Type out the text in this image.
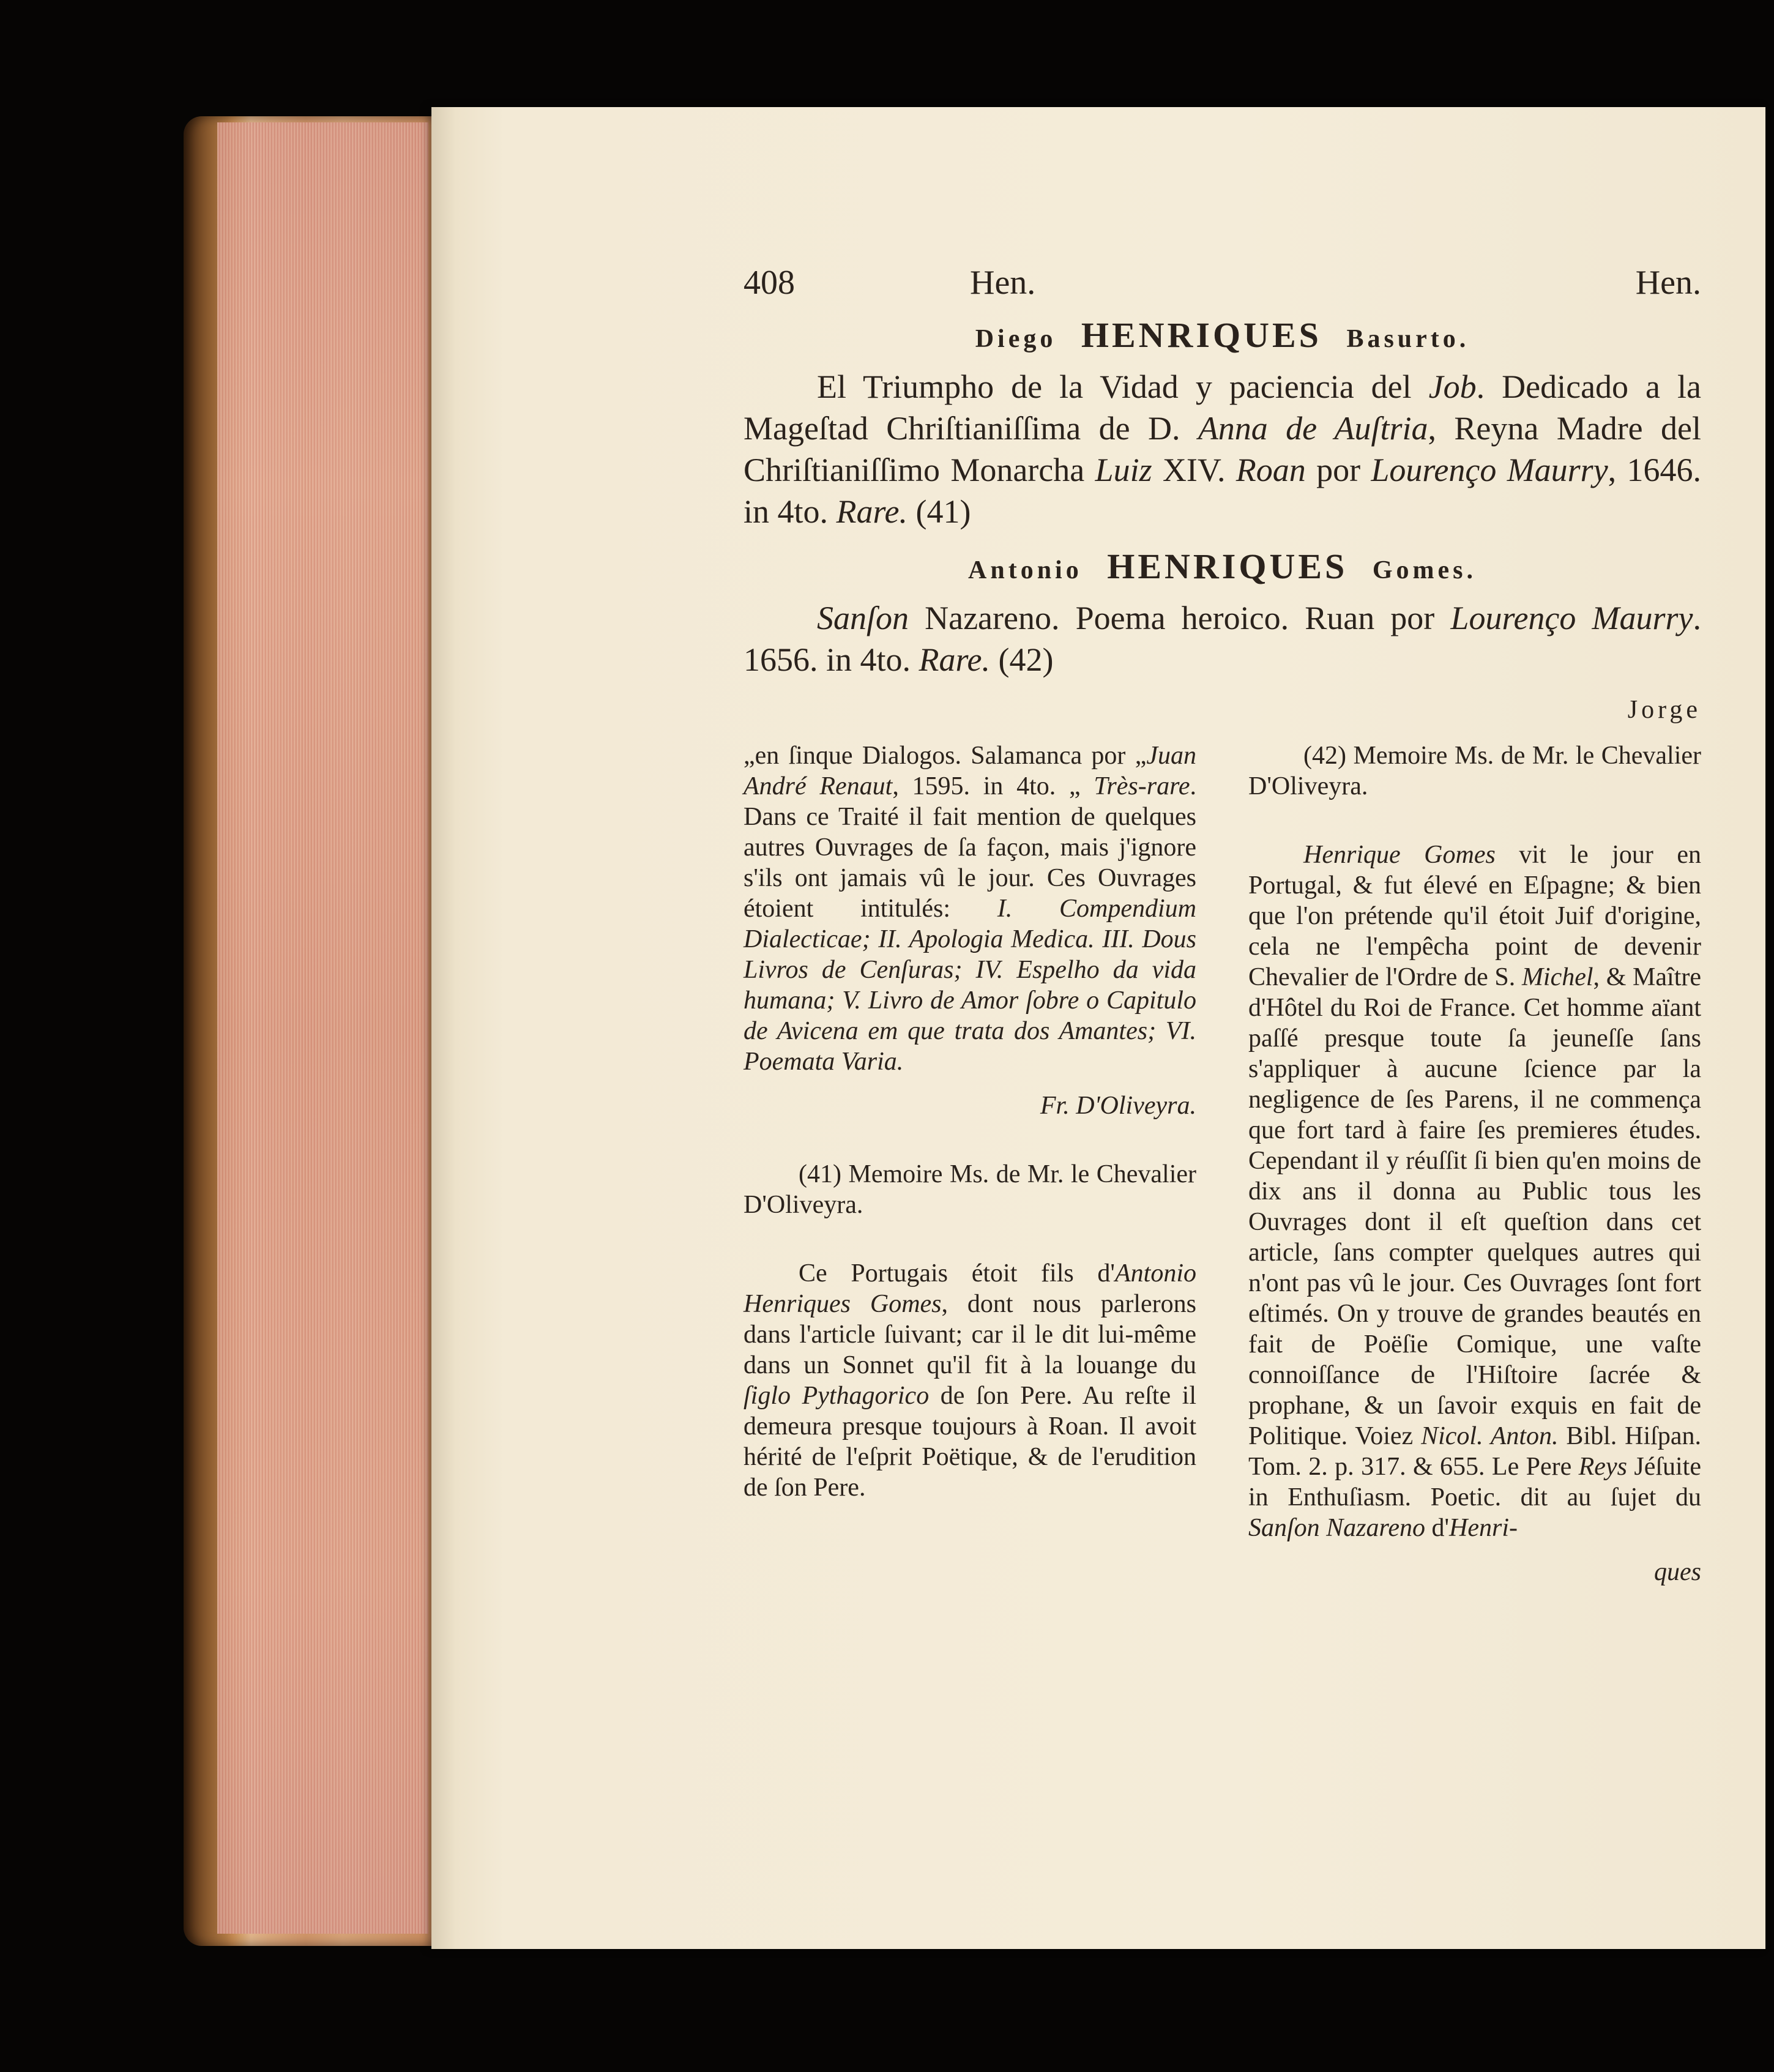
408	Hen.	Hen.
Diego HENRIQUES Basurto.

El Triumpho de la Vidad y paciencia del Job. Dedicado a la Mageſtad Chriſtianiſſima de D. Anna de Auſtria, Reyna Madre del Chriſtianiſſimo Monarcha Luiz XIV. Roan por Lourenço Maurry, 1646. in 4to. Rare. (41)

Antonio HENRIQUES Gomes.

Sanſon Nazareno. Poema heroico. Ruan por Lourenço Maurry. 1656. in 4to. Rare. (42)

Jorge

„en ſinque Dialogos. Salamanca por „Juan André Renaut, 1595. in 4to. „ Très-rare. Dans ce Traité il fait mention de quelques autres Ouvrages de ſa façon, mais j'ignore s'ils ont jamais vû le jour. Ces Ouvrages étoient intitulés: I. Compendium Dialecticae; II. Apologia Medica. III. Dous Livros de Cenſuras; IV. Espelho da vida humana; V. Livro de Amor ſobre o Capitulo de Avicena em que trata dos Amantes; VI. Poemata Varia.

Fr. D'Oliveyra.

(41) Memoire Ms. de Mr. le Chevalier D'Oliveyra.

Ce Portugais étoit fils d'Antonio Henriques Gomes, dont nous parlerons dans l'article ſuivant; car il le dit lui-même dans un Sonnet qu'il fit à la louange du ſiglo Pythagorico de ſon Pere. Au reſte il demeura presque toujours à Roan. Il avoit hérité de l'eſprit Poëtique, & de l'erudition de ſon Pere.

(42) Memoire Ms. de Mr. le Chevalier D'Oliveyra.

Henrique Gomes vit le jour en Portugal, & fut élevé en Eſpagne; & bien que l'on prétende qu'il étoit Juif d'origine, cela ne l'empêcha point de devenir Chevalier de l'Ordre de S. Michel, & Maître d'Hôtel du Roi de France. Cet homme aïant paſſé presque toute ſa jeuneſſe ſans s'appliquer à aucune ſcience par la negligence de ſes Parens, il ne commença que fort tard à faire ſes premieres études. Cependant il y réuſſit ſi bien qu'en moins de dix ans il donna au Public tous les Ouvrages dont il eſt queſtion dans cet article, ſans compter quelques autres qui n'ont pas vû le jour. Ces Ouvrages ſont fort eſtimés. On y trouve de grandes beautés en fait de Poëſie Comique, une vaſte connoiſſance de l'Hiſtoire ſacrée & prophane, & un ſavoir exquis en fait de Politique. Voiez Nicol. Anton. Bibl. Hiſpan. Tom. 2. p. 317. & 655. Le Pere Reys Jéſuite in Enthuſiasm. Poetic. dit au ſujet du Sanſon Nazareno d'Henri-

ques
